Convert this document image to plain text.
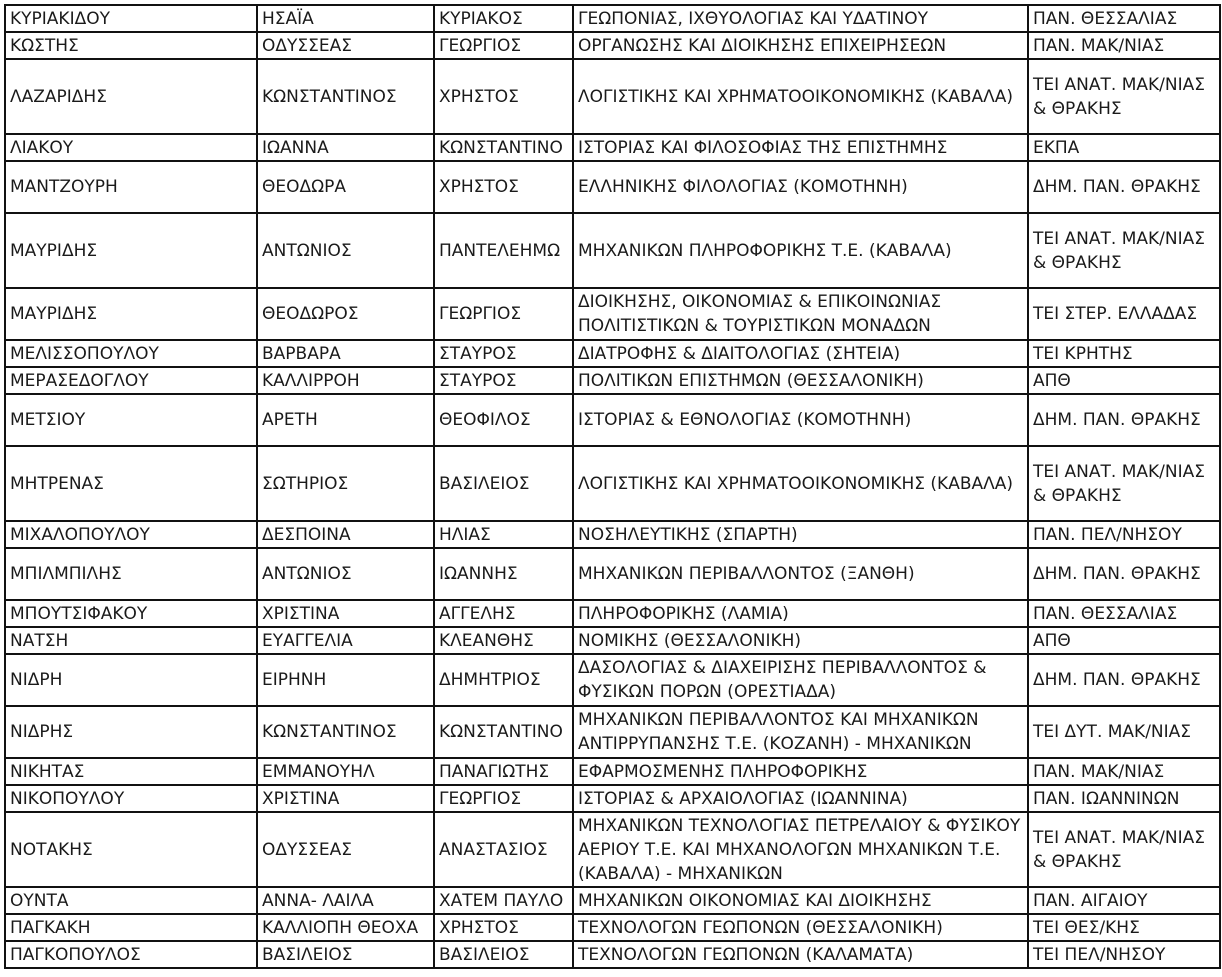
ΚΥΡΙΑΚΙΔΟΥ	ΗΣΑΪΑ	ΚΥΡΙΑΚΟΣ	ΓΕΩΠΟΝΙΑΣ, ΙΧΘΥΟΛΟΓΙΑΣ ΚΑΙ ΥΔΑΤΙΝΟΥ	ΠΑΝ. ΘΕΣΣΑΛΙΑΣ
ΚΩΣΤΗΣ	ΟΔΥΣΣΕΑΣ	ΓΕΩΡΓΙΟΣ	ΟΡΓΑΝΩΣΗΣ ΚΑΙ ΔΙΟΙΚΗΣΗΣ ΕΠΙΧΕΙΡΗΣΕΩΝ	ΠΑΝ. ΜΑΚ/ΝΙΑΣ
ΛΑΖΑΡΙΔΗΣ	ΚΩΝΣΤΑΝΤΙΝΟΣ	ΧΡΗΣΤΟΣ	ΛΟΓΙΣΤΙΚΗΣ ΚΑΙ ΧΡΗΜΑΤΟΟΙΚΟΝΟΜΙΚΗΣ (ΚΑΒΑΛΑ)	ΤΕΙ ΑΝΑΤ. ΜΑΚ/ΝΙΑΣ & ΘΡΑΚΗΣ
ΛΙΑΚΟΥ	ΙΩΑΝΝΑ	ΚΩΝΣΤΑΝΤΙΝΟ	ΙΣΤΟΡΙΑΣ ΚΑΙ ΦΙΛΟΣΟΦΙΑΣ ΤΗΣ ΕΠΙΣΤΗΜΗΣ	ΕΚΠΑ
ΜΑΝΤΖΟΥΡΗ	ΘΕΟΔΩΡΑ	ΧΡΗΣΤΟΣ	ΕΛΛΗΝΙΚΗΣ ΦΙΛΟΛΟΓΙΑΣ (ΚΟΜΟΤΗΝΗ)	ΔΗΜ. ΠΑΝ. ΘΡΑΚΗΣ
ΜΑΥΡΙΔΗΣ	ΑΝΤΩΝΙΟΣ	ΠΑΝΤΕΛΕΗΜΩ	ΜΗΧΑΝΙΚΩΝ ΠΛΗΡΟΦΟΡΙΚΗΣ Τ.Ε. (ΚΑΒΑΛΑ)	ΤΕΙ ΑΝΑΤ. ΜΑΚ/ΝΙΑΣ & ΘΡΑΚΗΣ
ΜΑΥΡΙΔΗΣ	ΘΕΟΔΩΡΟΣ	ΓΕΩΡΓΙΟΣ	ΔΙΟΙΚΗΣΗΣ, ΟΙΚΟΝΟΜΙΑΣ & ΕΠΙΚΟΙΝΩΝΙΑΣ ΠΟΛΙΤΙΣΤΙΚΩΝ & ΤΟΥΡΙΣΤΙΚΩΝ ΜΟΝΑΔΩΝ	ΤΕΙ ΣΤΕΡ. ΕΛΛΑΔΑΣ
ΜΕΛΙΣΣΟΠΟΥΛΟΥ	ΒΑΡΒΑΡΑ	ΣΤΑΥΡΟΣ	ΔΙΑΤΡΟΦΗΣ & ΔΙΑΙΤΟΛΟΓΙΑΣ (ΣΗΤΕΙΑ)	ΤΕΙ ΚΡΗΤΗΣ
ΜΕΡΑΣΕΔΟΓΛΟΥ	ΚΑΛΛΙΡΡΟΗ	ΣΤΑΥΡΟΣ	ΠΟΛΙΤΙΚΩΝ ΕΠΙΣΤΗΜΩΝ (ΘΕΣΣΑΛΟΝΙΚΗ)	ΑΠΘ
ΜΕΤΣΙΟΥ	ΑΡΕΤΗ	ΘΕΟΦΙΛΟΣ	ΙΣΤΟΡΙΑΣ & ΕΘΝΟΛΟΓΙΑΣ (ΚΟΜΟΤΗΝΗ)	ΔΗΜ. ΠΑΝ. ΘΡΑΚΗΣ
ΜΗΤΡΕΝΑΣ	ΣΩΤΗΡΙΟΣ	ΒΑΣΙΛΕΙΟΣ	ΛΟΓΙΣΤΙΚΗΣ ΚΑΙ ΧΡΗΜΑΤΟΟΙΚΟΝΟΜΙΚΗΣ (ΚΑΒΑΛΑ)	ΤΕΙ ΑΝΑΤ. ΜΑΚ/ΝΙΑΣ & ΘΡΑΚΗΣ
ΜΙΧΑΛΟΠΟΥΛΟΥ	ΔΕΣΠΟΙΝΑ	ΗΛΙΑΣ	ΝΟΣΗΛΕΥΤΙΚΗΣ (ΣΠΑΡΤΗ)	ΠΑΝ. ΠΕΛ/ΝΗΣΟΥ
ΜΠΙΛΜΠΙΛΗΣ	ΑΝΤΩΝΙΟΣ	ΙΩΑΝΝΗΣ	ΜΗΧΑΝΙΚΩΝ ΠΕΡΙΒΑΛΛΟΝΤΟΣ (ΞΑΝΘΗ)	ΔΗΜ. ΠΑΝ. ΘΡΑΚΗΣ
ΜΠΟΥΤΣΙΦΑΚΟΥ	ΧΡΙΣΤΙΝΑ	ΑΓΓΕΛΗΣ	ΠΛΗΡΟΦΟΡΙΚΗΣ (ΛΑΜΙΑ)	ΠΑΝ. ΘΕΣΣΑΛΙΑΣ
ΝΑΤΣΗ	ΕΥΑΓΓΕΛΙΑ	ΚΛΕΑΝΘΗΣ	ΝΟΜΙΚΗΣ (ΘΕΣΣΑΛΟΝΙΚΗ)	ΑΠΘ
ΝΙΔΡΗ	ΕΙΡΗΝΗ	ΔΗΜΗΤΡΙΟΣ	ΔΑΣΟΛΟΓΙΑΣ & ΔΙΑΧΕΙΡΙΣΗΣ ΠΕΡΙΒΑΛΛΟΝΤΟΣ & ΦΥΣΙΚΩΝ ΠΟΡΩΝ (ΟΡΕΣΤΙΑΔΑ)	ΔΗΜ. ΠΑΝ. ΘΡΑΚΗΣ
ΝΙΔΡΗΣ	ΚΩΝΣΤΑΝΤΙΝΟΣ	ΚΩΝΣΤΑΝΤΙΝΟ	ΜΗΧΑΝΙΚΩΝ ΠΕΡΙΒΑΛΛΟΝΤΟΣ ΚΑΙ ΜΗΧΑΝΙΚΩΝ ΑΝΤΙΡΡΥΠΑΝΣΗΣ Τ.Ε. (ΚΟΖΑΝΗ) - ΜΗΧΑΝΙΚΩΝ	ΤΕΙ ΔΥΤ. ΜΑΚ/ΝΙΑΣ
ΝΙΚΗΤΑΣ	ΕΜΜΑΝΟΥΗΛ	ΠΑΝΑΓΙΩΤΗΣ	ΕΦΑΡΜΟΣΜΕΝΗΣ ΠΛΗΡΟΦΟΡΙΚΗΣ	ΠΑΝ. ΜΑΚ/ΝΙΑΣ
ΝΙΚΟΠΟΥΛΟΥ	ΧΡΙΣΤΙΝΑ	ΓΕΩΡΓΙΟΣ	ΙΣΤΟΡΙΑΣ & ΑΡΧΑΙΟΛΟΓΙΑΣ (ΙΩΑΝΝΙΝΑ)	ΠΑΝ. ΙΩΑΝΝΙΝΩΝ
ΝΟΤΑΚΗΣ	ΟΔΥΣΣΕΑΣ	ΑΝΑΣΤΑΣΙΟΣ	ΜΗΧΑΝΙΚΩΝ ΤΕΧΝΟΛΟΓΙΑΣ ΠΕΤΡΕΛΑΙΟΥ & ΦΥΣΙΚΟΥ ΑΕΡΙΟΥ Τ.Ε. ΚΑΙ ΜΗΧΑΝΟΛΟΓΩΝ ΜΗΧΑΝΙΚΩΝ Τ.Ε. (ΚΑΒΑΛΑ) - ΜΗΧΑΝΙΚΩΝ	ΤΕΙ ΑΝΑΤ. ΜΑΚ/ΝΙΑΣ & ΘΡΑΚΗΣ
ΟΥΝΤΑ	ΑΝΝΑ- ΛΑΙΛΑ	ΧΑΤΕΜ ΠΑΥΛΟ	ΜΗΧΑΝΙΚΩΝ ΟΙΚΟΝΟΜΙΑΣ ΚΑΙ ΔΙΟΙΚΗΣΗΣ	ΠΑΝ. ΑΙΓΑΙΟΥ
ΠΑΓΚΑΚΗ	ΚΑΛΛΙΟΠΗ ΘΕΟΧΑ	ΧΡΗΣΤΟΣ	ΤΕΧΝΟΛΟΓΩΝ ΓΕΩΠΟΝΩΝ (ΘΕΣΣΑΛΟΝΙΚΗ)	ΤΕΙ ΘΕΣ/ΚΗΣ
ΠΑΓΚΟΠΟΥΛΟΣ	ΒΑΣΙΛΕΙΟΣ	ΒΑΣΙΛΕΙΟΣ	ΤΕΧΝΟΛΟΓΩΝ ΓΕΩΠΟΝΩΝ (ΚΑΛΑΜΑΤΑ)	ΤΕΙ ΠΕΛ/ΝΗΣΟΥ
